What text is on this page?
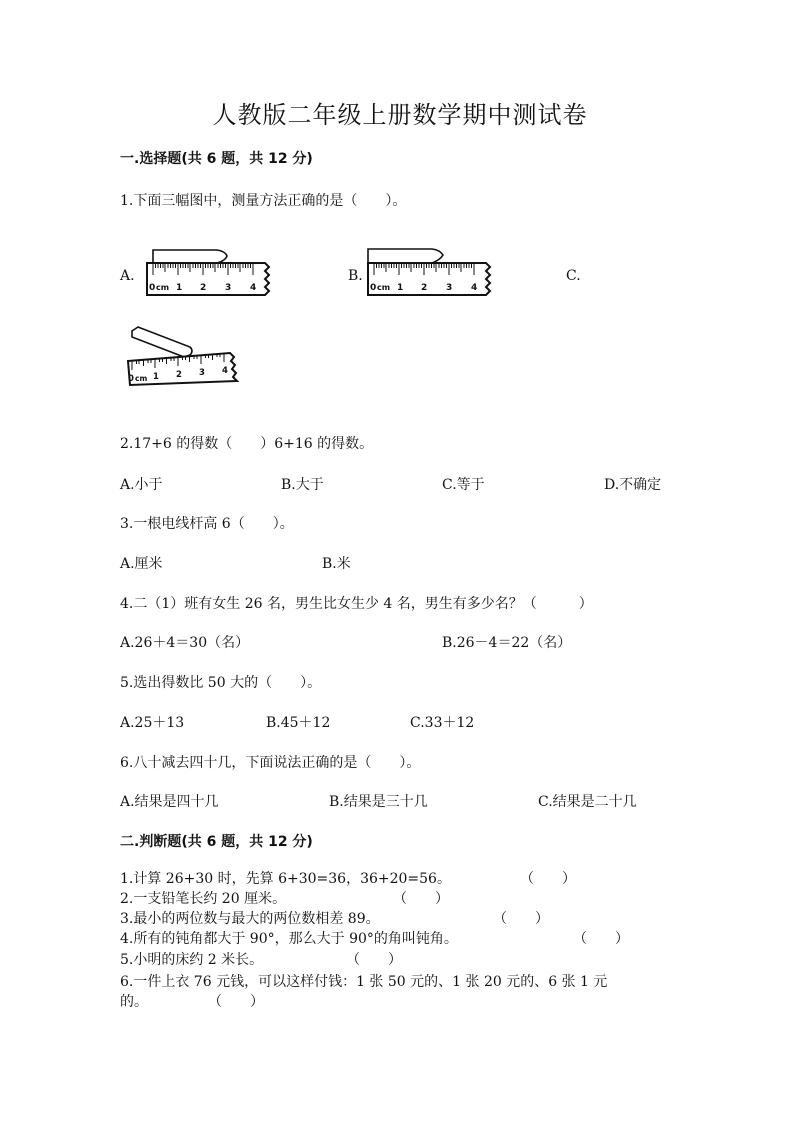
人教版二年级上册数学期中测试卷
一.选择题(共 6 题，共 12 分)
1.下面三幅图中，测量方法正确的是（　　）。
A.	B.	C.
0 cm 1 2 3 4	0 cm 1 2 3 4
0 cm 1 2 3 4
2.17+6 的得数（　　）6+16 的得数。
A.小于	B.大于	C.等于	D.不确定
3.一根电线杆高 6（　　）。
A.厘米	B.米
4.二（1）班有女生 26 名，男生比女生少 4 名，男生有多少名？（　　　）
A.26＋4＝30（名）	B.26－4＝22（名）
5.选出得数比 50 大的（　　）。
A.25＋13	B.45＋12	C.33＋12
6.八十减去四十几，下面说法正确的是（　　）。
A.结果是四十几	B.结果是三十几	C.结果是二十几
二.判断题(共 6 题，共 12 分)
1.计算 26+30 时，先算 6+30=36，36+20=56。	（　　）
2.一支铅笔长约 20 厘米。	（　　）
3.最小的两位数与最大的两位数相差 89。	（　　）
4.所有的钝角都大于 90°，那么大于 90°的角叫钝角。	（　　）
5.小明的床约 2 米长。	（　　）
6.一件上衣 76 元钱，可以这样付钱：1 张 50 元的、1 张 20 元的、6 张 1 元
的。	（　　）
